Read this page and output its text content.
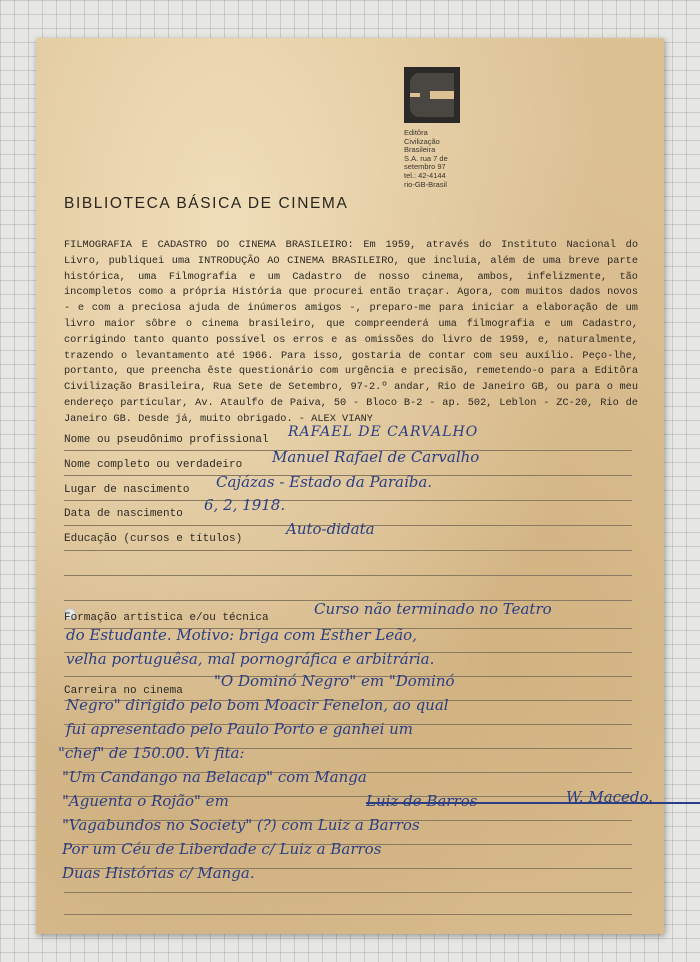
Editôra
Civilização
Brasileira
S.A. rua 7 de
setembro 97
tel.: 42-4144
rio-GB-Brasil
BIBLIOTECA BÁSICA DE CINEMA
FILMOGRAFIA E CADASTRO DO CINEMA BRASILEIRO: Em 1959, através do Instituto Nacional do Livro, publiquei uma INTRODUÇÃO AO CINEMA BRASILEIRO, que incluia, além de uma breve parte histórica, uma Filmografia e um Cadastro de nosso cinema, ambos, infelizmente, tão incompletos como a própria História que procurei então traçar. Agora, com muitos dados novos - e com a preciosa ajuda de inúmeros amigos -, preparo-me para iniciar a elaboração de um livro maior sôbre o cinema brasileiro, que compreenderá uma filmografia e um Cadastro, corrigindo tanto quanto possível os erros e as omissões do livro de 1959, e, naturalmente, trazendo o levantamento até 1966. Para isso, gostaria de contar com seu auxílio. Peço-lhe, portanto, que preencha êste questionário com urgência e precisão, remetendo-o para a Editôra Civilização Brasileira, Rua Sete de Setembro, 97-2.º andar, Rio de Janeiro GB, ou para o meu endereço particular, Av. Ataulfo de Paiva, 50 - Bloco B-2 - ap. 502, Leblon - ZC-20, Rio de Janeiro GB. Desde já, muito obrigado. - ALEX VIANY
Nome ou pseudônimo profissional RAFAEL DE CARVALHO
Nome completo ou verdadeiro Manuel Rafael de Carvalho
Lugar de nascimento Cajázas - Estado da Paraíba.
Data de nascimento 6, 2, 1918.
Educação (cursos e títulos)
Auto-didata
Formação artística e/ou técnica	Curso não terminado no Teatro
do Estudante. Motivo: briga com Esther Leão,
velha portuguêsa, mal pornográfica e arbitrária.
Carreira no cinema
"O Dominó Negro" em "Dominó
Negro" dirigido pelo bom Moacir Fenelon, ao qual
fui apresentado pelo Paulo Porto e ganhei um
"chef" de 150.00. Vi fita:
"Um Candango na Belacap" com Manga
"Aguenta o Rojão" em	Luiz de Barros	W. Macedo.
"Vagabundos no Society" (?) com Luiz a Barros
Por um Céu de Liberdade c/ Luiz a Barros
Duas Histórias c/ Manga.
